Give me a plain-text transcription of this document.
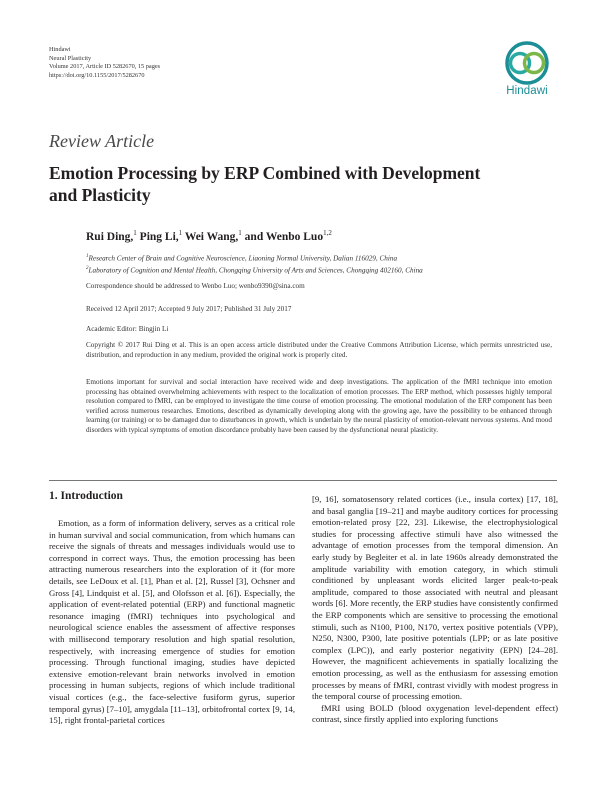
Hindawi
Neural Plasticity
Volume 2017, Article ID 5282670, 15 pages
https://doi.org/10.1155/2017/5282670
Hindawi
Review Article
Emotion Processing by ERP Combined with Development and Plasticity
Rui Ding,$^1$ Ping Li,$^1$ Wei Wang,$^1$ and Wenbo Luo$^{1,2}$
$^1$Research Center of Brain and Cognitive Neuroscience, Liaoning Normal University, Dalian 116029, China
$^2$Laboratory of Cognition and Mental Health, Chongqing University of Arts and Sciences, Chongqing 402160, China
Correspondence should be addressed to Wenbo Luo; wenbo9390@sina.com
Received 12 April 2017; Accepted 9 July 2017; Published 31 July 2017
Academic Editor: Bingjin Li
Copyright © 2017 Rui Ding et al. This is an open access article distributed under the Creative Commons Attribution License, which permits unrestricted use, distribution, and reproduction in any medium, provided the original work is properly cited.
Emotions important for survival and social interaction have received wide and deep investigations. The application of the fMRI technique into emotion processing has obtained overwhelming achievements with respect to the localization of emotion processes. The ERP method, which possesses highly temporal resolution compared to fMRI, can be employed to investigate the time course of emotion processing. The emotional modulation of the ERP component has been verified across numerous researches. Emotions, described as dynamically developing along with the growing age, have the possibility to be enhanced through learning (or training) or to be damaged due to disturbances in growth, which is underlain by the neural plasticity of emotion-relevant nervous systems. And mood disorders with typical symptoms of emotion discordance probably have been caused by the dysfunctional neural plasticity.
1. Introduction

Emotion, as a form of information delivery, serves as a critical role in human survival and social communication, from which humans can receive the signals of threats and messages individuals would use to correspond in correct ways. Thus, the emotion processing has been attracting numerous researchers into the exploration of it (for more details, see LeDoux et al. [1], Phan et al. [2], Russel [3], Ochsner and Gross [4], Lindquist et al. [5], and Olofsson et al. [6]). Especially, the application of event-related potential (ERP) and functional magnetic resonance imaging (fMRI) techniques into psychological and neurological science enables the assessment of affective responses with millisecond temporary resolution and high spatial resolution, respectively, with increasing emergence of studies for emotion processing. Through functional imaging, studies have depicted extensive emotion-relevant brain networks involved in emotion processing in human subjects, regions of which include traditional visual cortices (e.g., the face-selective fusiform gyrus, superior temporal gyrus) [7–10], amygdala [11–13], orbitofrontal cortex [9, 14, 15], right frontal-parietal cortices

[9, 16], somatosensory related cortices (i.e., insula cortex) [17, 18], and basal ganglia [19–21] and maybe auditory cortices for processing emotion-related prosy [22, 23]. Likewise, the electrophysiological studies for processing affective stimuli have also witnessed the advantage of emotion processes from the temporal dimension. An early study by Begleiter et al. in late 1960s already demonstrated the amplitude variability with emotion category, in which stimuli conditioned by unpleasant words elicited larger peak-to-peak amplitude, compared to those associated with neutral and pleasant words [6]. More recently, the ERP studies have consistently confirmed the ERP components which are sensitive to processing the emotional stimuli, such as N100, P100, N170, vertex positive potentials (VPP), N250, N300, P300, late positive potentials (LPP; or as late positive complex (LPC)), and early posterior negativity (EPN) [24–28]. However, the magnificent achievements in spatially localizing the emotion processing, as well as the enthusiasm for assessing emotion processes by means of fMRI, contrast vividly with modest progress in the temporal course of processing emotion.

fMRI using BOLD (blood oxygenation level-dependent effect) contrast, since firstly applied into exploring functions
